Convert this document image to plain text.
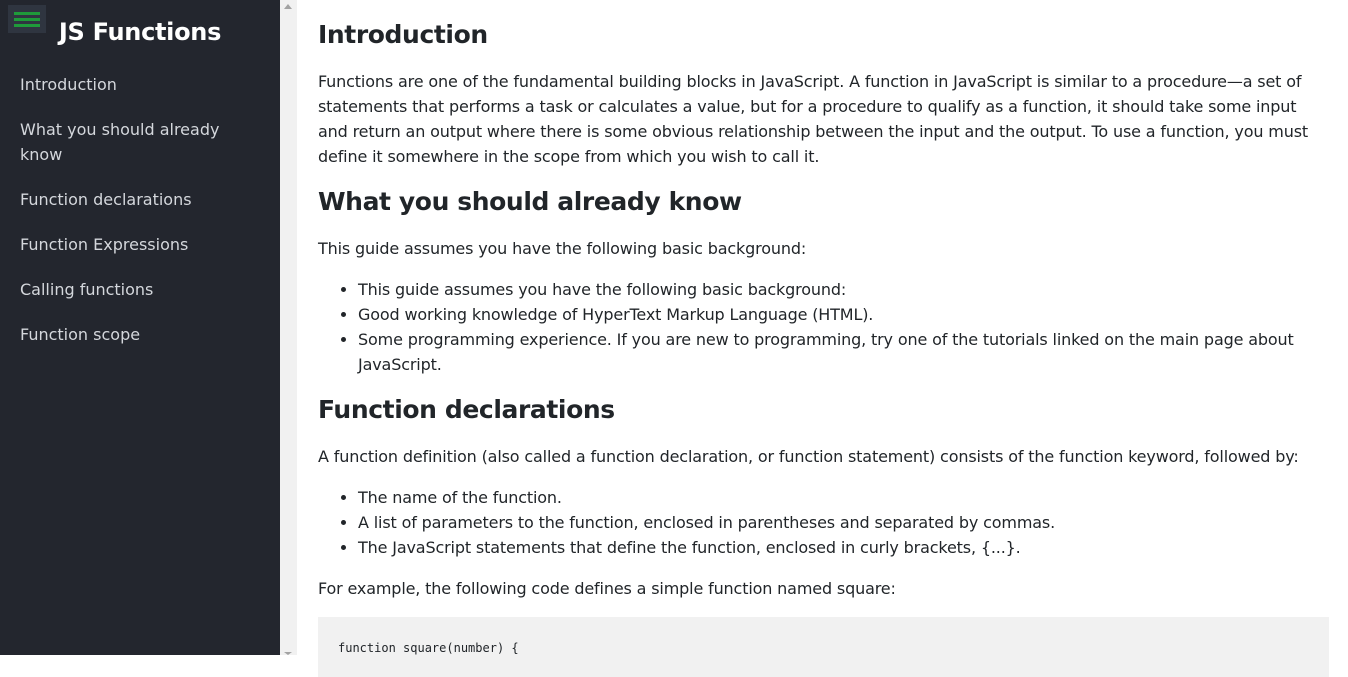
JS Functions
Introduction
What you should already know
Function declarations
Function Expressions
Calling functions
Function scope
Introduction

Functions are one of the fundamental building blocks in JavaScript. A function in JavaScript is similar to a procedure—a set of statements that performs a task or calculates a value, but for a procedure to qualify as a function, it should take some input and return an output where there is some obvious relationship between the input and the output. To use a function, you must define it somewhere in the scope from which you wish to call it.

What you should already know

This guide assumes you have the following basic background:

• This guide assumes you have the following basic background:
• Good working knowledge of HyperText Markup Language (HTML).
• Some programming experience. If you are new to programming, try one of the tutorials linked on the main page about JavaScript.
Function declarations

A function definition (also called a function declaration, or function statement) consists of the function keyword, followed by:

• The name of the function.
• A list of parameters to the function, enclosed in parentheses and separated by commas.
• The JavaScript statements that define the function, enclosed in curly brackets, {...}.

For example, the following code defines a simple function named square:

function square(number) {
